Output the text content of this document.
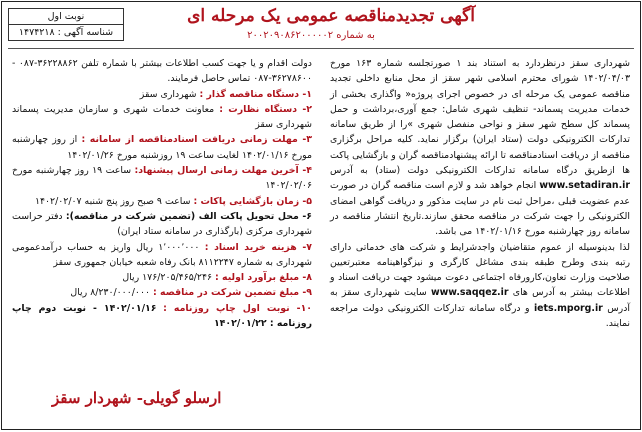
نوبت اول
شناسه آگهی : ۱۴۷۴۲۱۸
آگهی تجدیدمناقصه عمومی یک مرحله ای
به شماره ۲۰۰۲۰۹۰۸۶۲۰۰۰۰۰۲

شهرداری سقز درنظردارد به استناد بند ۱ صورتجلسه شماره ۱۶۳ مورخ ۱۴۰۲/۰۴/۰۳ شورای محترم اسلامی شهر سقز از محل منابع داخلی تجدید مناقصه عمومی یک مرحله ای در خصوص اجرای پروژه« واگذاری بخشی از خدمات مدیریت پسماند- تنظیف شهری شامل: جمع آوری،برداشت و حمل پسماند کل سطح شهر سقز و نواحی منفصل شهری »را از طریق سامانه تدارکات الکترونیکی دولت (ستاد ایران) برگزار نماید. کلیه مراحل برگزاری مناقصه از دریافت اسنادمناقصه تا ارائه پیشنهادمناقصه گران و بازگشایی پاکت ها ازطریق درگاه سامانه تدارکات الکترونیکی دولت (ستاد) به آدرس www.setadiran.ir انجام خواهد شد و لازم است مناقصه گران در صورت عدم عضویت قبلی ،مراحل ثبت نام در سایت مذکور و دریافت گواهی امضای الکترونیکی را جهت شرکت در مناقصه محقق سازند.تاریخ انتشار مناقصه در سامانه روز چهارشنبه مورخ ۱۴۰۲/۰۱/۱۶ می باشد.

لذا بدینوسیله از عموم متقاضیان واجدشرایط و شرکت های خدماتی دارای رتبه بندی وطرح طبقه بندی مشاغل کارگری و نیزگواهینامه معتبرتعیین صلاحیت وزارت تعاون،کارورفاه اجتماعی دعوت میشود جهت دریافت اسناد و اطلاعات بیشتر به آدرس های www.saqqez.ir سایت شهرداری سقز به آدرس iets.mporg.ir و درگاه سامانه تدارکات الکترونیکی دولت مراجعه نمایند.

دولت اقدام و یا جهت کسب اطلاعات بیشتر با شماره تلفن ۳۶۲۲۸۸۶۲-۰۸۷ - ۳۶۲۷۸۶۰۰-۰۸۷ تماس حاصل فرمایند.

۱- دستگاه مناقصه گذار : شهرداری سقز

۲- دستگاه نظارت : معاونت خدمات شهری و سازمان مدیریت پسماند شهرداری سقز

۳- مهلت زمانی دریافت اسنادمناقصه از سامانه : از روز چهارشنبه مورخ ۱۴۰۲/۰۱/۱۶ لغایت ساعت ۱۹ روزشنبه مورخ ۱۴۰۲/۰۱/۲۶

۴- آخرین مهلت زمانی ارسال پیشنهاد: ساعت ۱۹ روز چهارشنبه مورخ ۱۴۰۲/۰۲/۰۶

۵- زمان بازگشایی پاکات : ساعت ۹ صبح روز پنج شنبه ۱۴۰۲/۰۲/۰۷

۶- محل تحویل پاکت الف (تضمین شرکت در مناقصه): دفتر حراست شهرداری مرکزی (بارگذاری در سامانه ستاد ایران)

۷- هزینه خرید اسناد : ۱٬۰۰۰٬۰۰۰ ریال واریز به حساب درآمدعمومی شهرداری به شماره ۸۱۱۲۲۴۷ بانک رفاه شعبه خیابان جمهوری سقز

۸- مبلغ برآورد اولیه : ۱۷۶/۲۰۵/۴۶۵/۲۴۶ ریال

۹- مبلغ تضمین شرکت در مناقصه : ۸/۲۳۰/۰۰۰/۰۰۰ ریال

۱۰- نوبت اول چاپ روزنامه : ۱۴۰۲/۰۱/۱۶ - نوبت دوم چاپ روزنامه : ۱۴۰۲/۰۱/۲۲

ارسلو گویلی- شهردار سقز
